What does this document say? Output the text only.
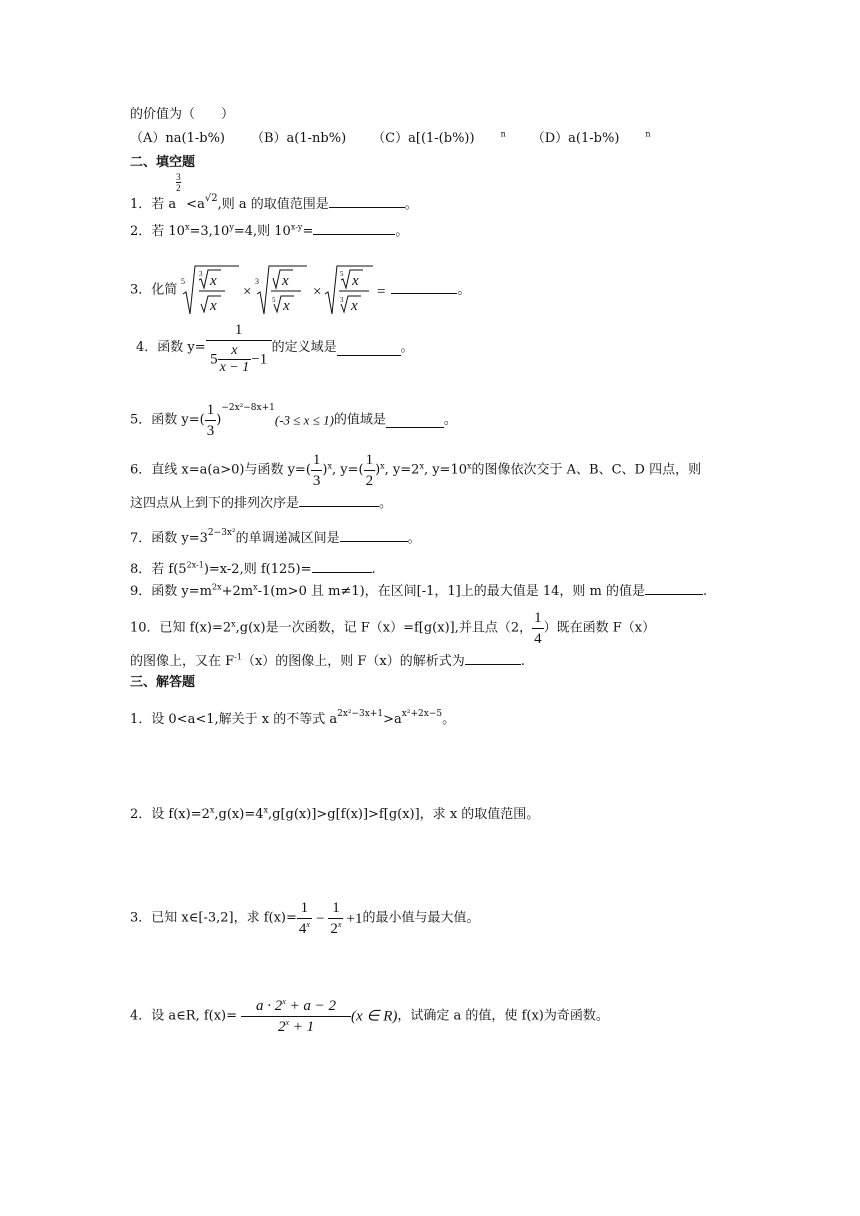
的价值为（　　）
（A）na(1-b%) （B）a(1-nb%) （C）a[(1-(b%))	$^n$ （D）a(1-b%)	$^n$
二、填空题
1．若 a
$\frac{3}{2}$
$<a^{√2}$,则 a 的取值范围是	。
2．若 $10^x=3,10^y=4$,则 $10^{x-y}=$	。
3．化简
5
3 x
x
×
3 x
5 x
×
5 x
3 x
=	。
4．函数 $y= \frac{1}{5 \frac{x}{x - 1} -1}$ 的定义域是	。
5．函数 $y=( \frac{1}{3} )^{-2x^2-8x+1}(-3 \le x \le 1)$的值域是	。
6．直线 x=a(a>0)与函数 $y=( \frac{1}{3} )^x$, $y=( \frac{1}{2} )^x$, $y=2^x$, $y=10^x$的图像依次交于 A、B、C、D 四点，则
这四点从上到下的排列次序是	。
7．函数 $y=3^{2-3x^2}$的单调递减区间是	。
8．若 $f(5^{2x-1})=x-2$,则 f(125)=	.
9．函数 $y=m^{2x}+2m^x-1(m>0$ 且 m≠1)，在区间[-1，1]上的最大值是 14，则 m 的值是	.
10．已知 $f(x)=2^x,g(x)$是一次函数，记 F（x）=f[g(x)],并且点（2， $\frac{1}{4}$ ）既在函数 F（x）
的图像上，又在 $F^{-1}(x)$的图像上，则 F（x）的解析式为	.
三、解答题
1．设 0<a<1,解关于 x 的不等式 $a^{2x^2-3x+1}>a^{x^2+2x-5}$。
2．设 $f(x)=2^x,g(x)=4^x,g[g(x)]>g[f(x)]>f[g(x)]$，求 x 的取值范围。
3．已知 x∈[-3,2]，求 $f(x)= \frac{1}{4^x} - \frac{1}{2^x} +1$的最小值与最大值。
4．设 a∈R, $f(x)= \frac{a \cdot 2^x + a - 2}{2^x + 1} (x$ ∈ R)，试确定 a 的值，使 f(x)为奇函数。
